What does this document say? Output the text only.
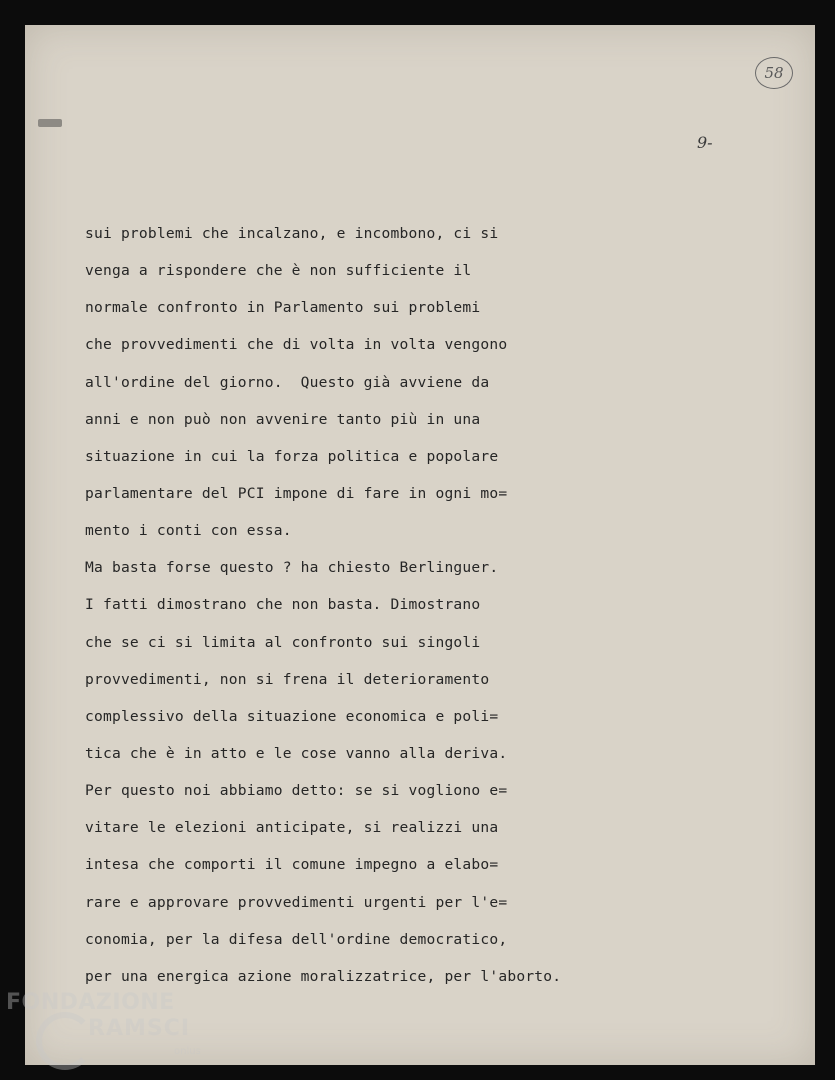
58
9-
sui problemi che incalzano, e incombono, ci si
venga a rispondere che è non sufficiente il
normale confronto in Parlamento sui problemi
che provvedimenti che di volta in volta vengono
all'ordine del giorno.  Questo già avviene da
anni e non può non avvenire tanto più in una
situazione in cui la forza politica e popolare
parlamentare del PCI impone di fare in ogni mo=
mento i conti con essa.
Ma basta forse questo ? ha chiesto Berlinguer.
I fatti dimostrano che non basta. Dimostrano
che se ci si limita al confronto sui singoli
provvedimenti, non si frena il deterioramento
complessivo della situazione economica e poli=
tica che è in atto e le cose vanno alla deriva.
Per questo noi abbiamo detto: se si vogliono e=
vitare le elezioni anticipate, si realizzi una
intesa che comporti il comune impegno a elabo=
rare e approvare provvedimenti urgenti per l'e=
conomia, per la difesa dell'ordine democratico,
per una energica azione moralizzatrice, per l'aborto.
FONDAZIONE
RAMSCI
onlus
